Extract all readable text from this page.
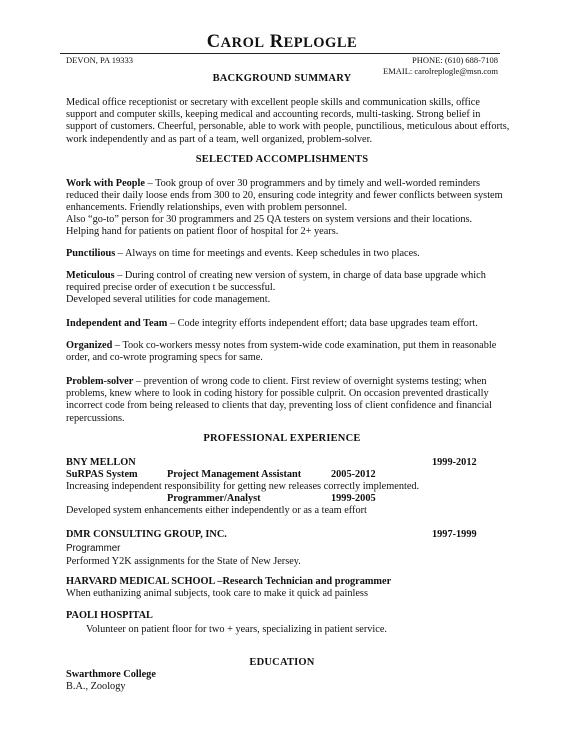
CAROL REPLOGLE
DEVON, PA 19333	PHONE: (610) 688-7108
EMAIL: carolreplogle@msn.com
BACKGROUND SUMMARY
Medical office receptionist or secretary with excellent people skills and communication skills, office support and computer skills, keeping medical and accounting records, multi-tasking. Strong belief in support of customers. Cheerful, personable, able to work with people, punctilious, meticulous about efforts, work independently and as part of a team, well organized, problem-solver.
SELECTED ACCOMPLISHMENTS
Work with People – Took group of over 30 programmers and by timely and well-worded reminders reduced their daily loose ends from 300 to 20, ensuring code integrity and fewer conflicts between system enhancements. Friendly relationships, even with problem personnel.
Also “go-to” person for 30 programmers and 25 QA testers on system versions and their locations.
Helping hand for patients on patient floor of hospital for 2+ years.
Punctilious – Always on time for meetings and events. Keep schedules in two places.
Meticulous – During control of creating new version of system, in charge of data base upgrade which required precise order of execution t be successful.
Developed several utilities for code management.
Independent and Team – Code integrity efforts independent effort; data base upgrades team effort.
Organized – Took co-workers messy notes from system-wide code examination, put them in reasonable order, and co-wrote programing specs for same.
Problem-solver – prevention of wrong code to client. First review of overnight systems testing; when problems, knew where to look in coding history for possible culprit. On occasion prevented drastically incorrect code from being released to clients that day, preventing loss of client confidence and financial repercussions.
PROFESSIONAL EXPERIENCE
BNY MELLON	1999-2012
SuRPAS System	Project Management Assistant	2005-2012
Increasing independent responsibility for getting new releases correctly implemented.
Programmer/Analyst	1999-2005
Developed system enhancements either independently or as a team effort
DMR CONSULTING GROUP, INC.	1997-1999
Programmer
Performed Y2K assignments for the State of New Jersey.
HARVARD MEDICAL SCHOOL –Research Technician and programmer
When euthanizing animal subjects, took care to make it quick ad painless
PAOLI HOSPITAL
Volunteer on patient floor for two + years, specializing in patient service.
EDUCATION
Swarthmore College
B.A., Zoology
